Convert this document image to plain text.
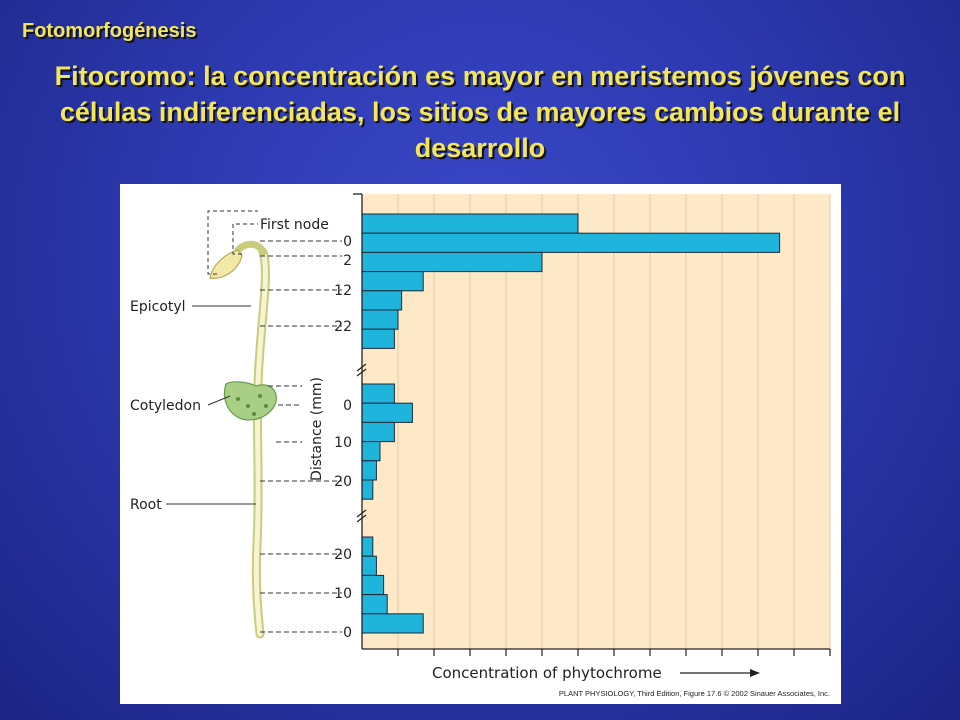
Fotomorfogénesis
Fitocromo: la concentración es mayor en meristemos jóvenes con células indiferenciadas, los sitios de mayores cambios durante el desarrollo
First node
Epicotyl
Cotyledon
Root
0
2
12
22
0
10
20
20
10
0
Distance (mm)
Concentration of phytochrome
PLANT PHYSIOLOGY, Third Edition, Figure 17.6 © 2002 Sinauer Associates, Inc.
